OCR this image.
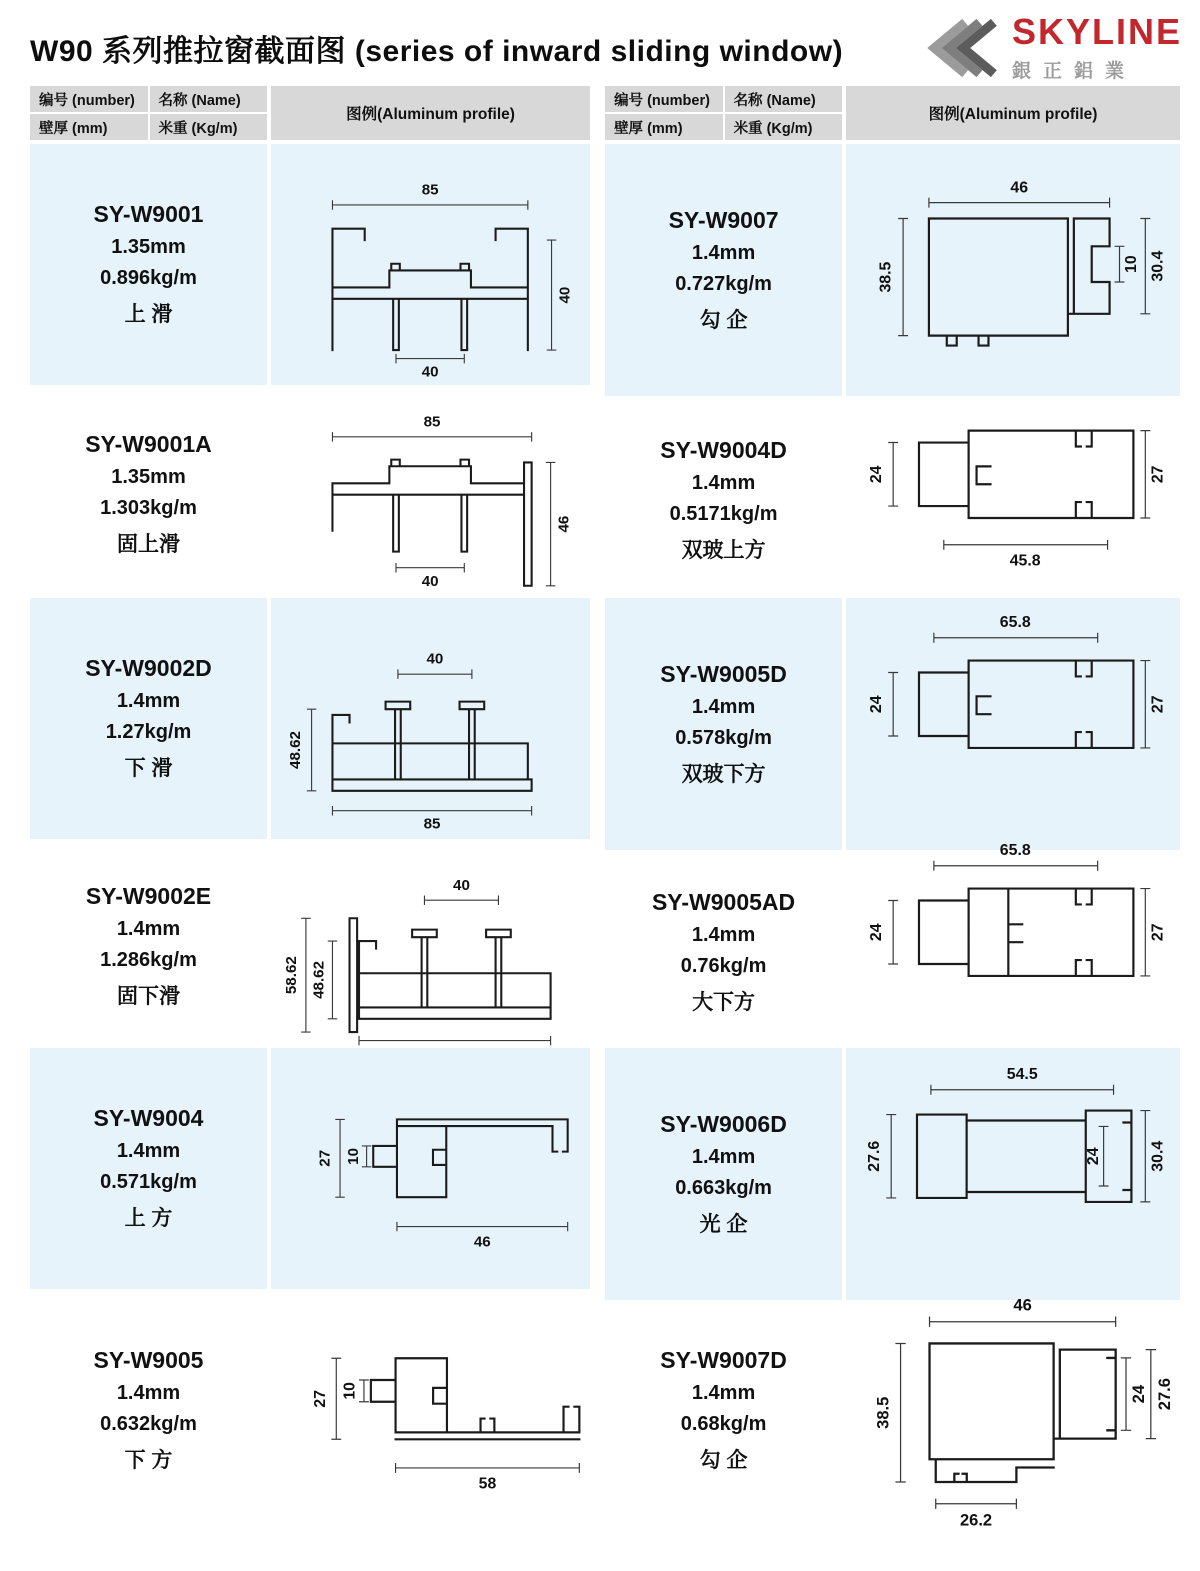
W90 系列推拉窗截面图 (series of inward sliding window)	SKYLINE
銀正鋁業
编号 (number)	名称 (Name)
壁厚 (mm)	米重 (Kg/m)
图例(Aluminum profile)
SY-W9001
1.35mm
0.896kg/m
上 滑
85
40
40
SY-W9001A
1.35mm
1.303kg/m
固上滑
85
46
40
SY-W9002D
1.4mm
1.27kg/m
下 滑
40
48.62
85
SY-W9002E
1.4mm
1.286kg/m
固下滑
40
58.62 48.62
SY-W9004
1.4mm
0.571kg/m
上 方
27 10
46
SY-W9005
1.4mm
0.632kg/m
下 方
27 10
58
编号 (number)	名称 (Name)
壁厚 (mm)	米重 (Kg/m)
图例(Aluminum profile)
SY-W9007
1.4mm
0.727kg/m
勾 企
46
38.5	10 30.4
SY-W9004D
1.4mm
0.5171kg/m
双玻上方
24	27
45.8
SY-W9005D
1.4mm
0.578kg/m
双玻下方
65.8
24	27
SY-W9005AD
1.4mm
0.76kg/m
大下方
65.8
24	27
SY-W9006D
1.4mm
0.663kg/m
光 企
54.5
27.6	24	30.4
SY-W9007D
1.4mm
0.68kg/m
勾 企
46
38.5
24 27.6
26.2
